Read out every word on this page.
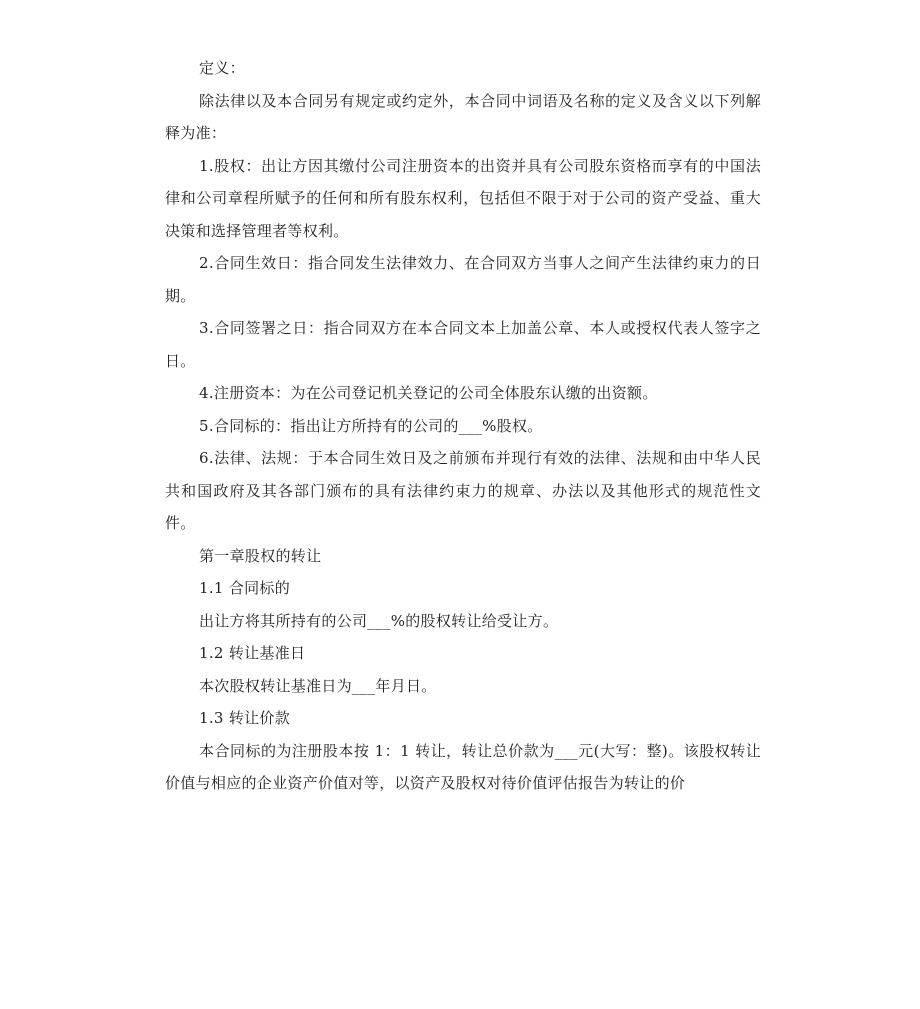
定义：

除法律以及本合同另有规定或约定外，本合同中词语及名称的定义及含义以下列解释为准：

1.股权：出让方因其缴付公司注册资本的出资并具有公司股东资格而享有的中国法律和公司章程所赋予的任何和所有股东权利，包括但不限于对于公司的资产受益、重大决策和选择管理者等权利。

2.合同生效日：指合同发生法律效力、在合同双方当事人之间产生法律约束力的日期。

3.合同签署之日：指合同双方在本合同文本上加盖公章、本人或授权代表人签字之日。

4.注册资本：为在公司登记机关登记的公司全体股东认缴的出资额。

5.合同标的：指出让方所持有的公司的___%股权。

6.法律、法规：于本合同生效日及之前颁布并现行有效的法律、法规和由中华人民共和国政府及其各部门颁布的具有法律约束力的规章、办法以及其他形式的规范性文件。

第一章股权的转让

1.1 合同标的

出让方将其所持有的公司___%的股权转让给受让方。

1.2 转让基准日

本次股权转让基准日为___年月日。

1.3 转让价款

本合同标的为注册股本按 1：1 转让，转让总价款为___元(大写：整)。该股权转让价值与相应的企业资产价值对等，以资产及股权对待价值评估报告为转让的价
